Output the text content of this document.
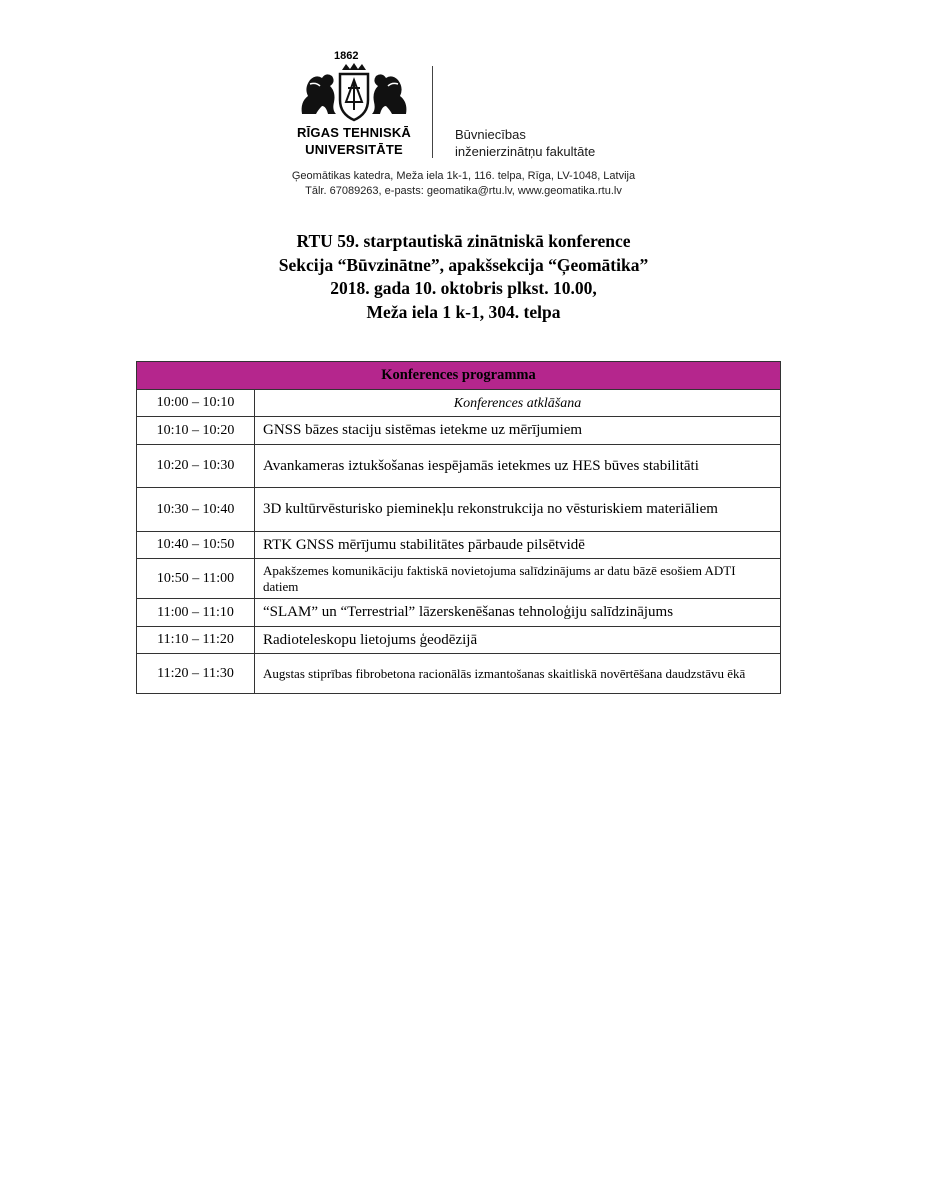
1862
RĪGAS TEHNISKĀ
UNIVERSITĀTE
Būvniecības
inženierzinātņu fakultāte
Ģeomātikas katedra, Meža iela 1k-1, 116. telpa, Rīga, LV-1048, Latvija
Tālr. 67089263, e-pasts: geomatika@rtu.lv, www.geomatika.rtu.lv
RTU 59. starptautiskā zinātniskā konference
Sekcija “Būvzinātne”, apakšsekcija “Ģeomātika”
2018. gada 10. oktobris plkst. 10.00,
Meža iela 1 k-1, 304. telpa
Konferences programma	
10:00 – 10:10	Konferences atklāšana
10:10 – 10:20	GNSS bāzes staciju sistēmas ietekme uz mērījumiem
10:20 – 10:30	Avankameras iztukšošanas iespējamās ietekmes uz HES būves stabilitāti
10:30 – 10:40	3D kultūrvēsturisko pieminekļu rekonstrukcija no vēsturiskiem materiāliem
10:40 – 10:50	RTK GNSS mērījumu stabilitātes pārbaude pilsētvidē
10:50 – 11:00	Apakšzemes komunikāciju faktiskā novietojuma salīdzinājums ar datu bāzē esošiem ADTI datiem
11:00 – 11:10	“SLAM” un “Terrestrial” lāzerskenēšanas tehnoloģiju salīdzinājums
11:10 – 11:20	Radioteleskopu lietojums ģeodēzijā
11:20 – 11:30	Augstas stiprības fibrobetona racionālās izmantošanas skaitliskā novērtēšana daudzstāvu ēkā
